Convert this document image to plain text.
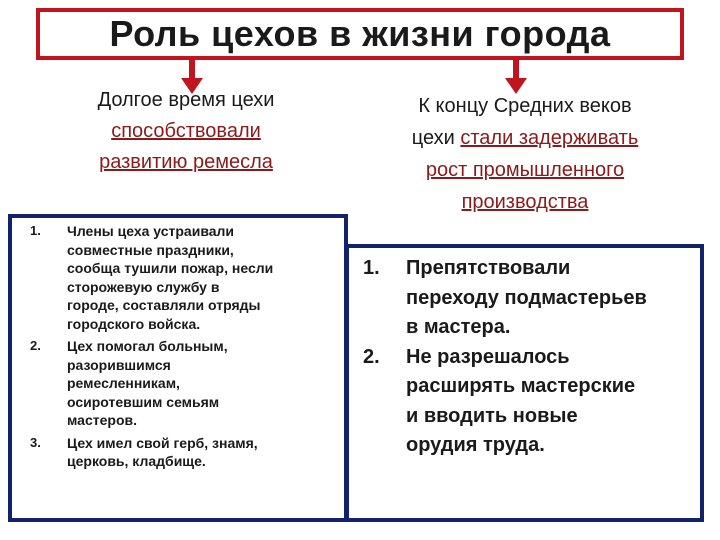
Роль цехов в жизни города
Долгое время цехи
способствовали
развитию ремесла
К концу Средних веков
цехи стали задерживать
рост промышленного
производства
1. Члены цеха устраивали
совместные праздники,
сообща тушили пожар, несли
сторожевую службу в
городе, составляли отряды
городского войска.
2. Цех помогал больным,
разорившимся
ремесленникам,
осиротевшим семьям
мастеров.
3. Цех имел свой герб, знамя,
церковь, кладбище.
1. Препятствовали
переходу подмастерьев
в мастера.
2. Не разрешалось
расширять мастерские
и вводить новые
орудия труда.
